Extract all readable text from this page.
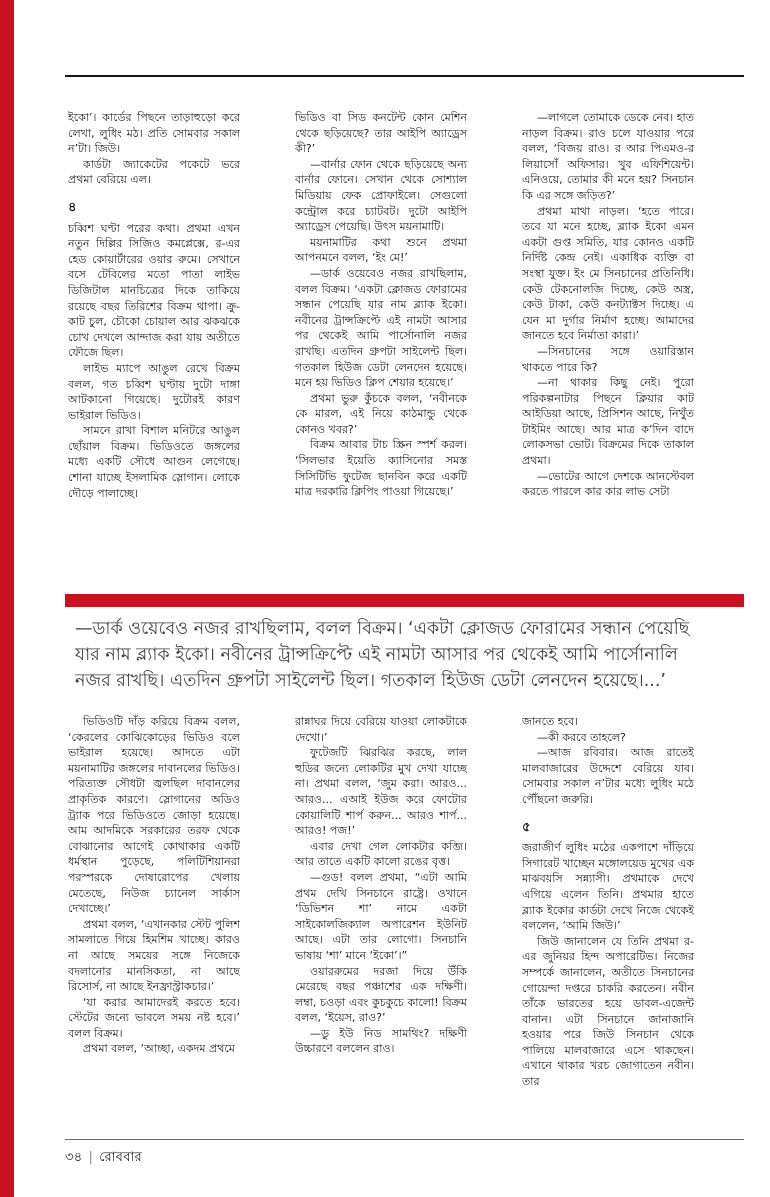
ইকো’। কার্ডের পিছনে তাড়াহুড়ো করে লেখা, লুধিং মঠ। প্রতি সোমবার সকাল ন’টা। জিউ।

কার্ডটা জ্যাকেটের পকেটে ভরে প্রথমা বেরিয়ে এল।

৪

চব্বিশ ঘণ্টা পরের কথা। প্রথমা এখন নতুন দিল্লির সিজিও কমপ্লেক্সে, র-এর হেড কোয়ার্টারের ওয়ার রুমে। সেখানে বসে টেবিলের মতো পাতা লাইভ ডিজিটাল মানচিত্রের দিকে তাকিয়ে রয়েছে বছর তিরিশের বিক্রম থাপা। ক্রু-কাট চুল, চৌকো চোয়াল আর ঝকঝকে চোখ দেখলে আন্দাজ করা যায় অতীতে ফৌজে ছিল।

লাইভ ম্যাপে আঙুল রেখে বিক্রম বলল, গত চব্বিশ ঘণ্টায় দুটো দাঙ্গা আটকানো গিয়েছে। দুটোরই কারণ ভাইরাল ভিডিও।

সামনে রাখা বিশাল মনিটরে আঙুল ছোঁয়াল বিক্রম। ভিডিওতে জঙ্গলের মধ্যে একটি সৌধে আগুন লেগেছে। শোনা যাচ্ছে ইসলামিক স্লোগান। লোকে দৌড়ে পালাচ্ছে।

ভিডিও বা সিড কনটেন্ট কোন মেশিন থেকে ছড়িয়েছে? তার আইপি অ্যাড্রেস কী?’

—বার্নার ফোন থেকে ছড়িয়েছে অন্য বার্নার ফোনে। সেখান থেকে সোশ্যাল মিডিয়ায় ফেক প্রোফাইলে। সেগুলো কন্ট্রোল করে চ্যাটবট। দুটো আইপি অ্যাড্রেস পেয়েছি। উৎস ময়নামাটি।

ময়নামাটির কথা শুনে প্রথমা আপনমনে বলল, ‘ইং মে!’

—ডার্ক ওয়েবেও নজর রাখছিলাম, বলল বিক্রম। ‘একটা ক্লোজড ফোরামের সন্ধান পেয়েছি যার নাম ব্ল্যাক ইকো। নবীনের ট্রান্সক্রিপ্টে এই নামটা আসার পর থেকেই আমি পার্সোনালি নজর রাখছি। এতদিন গ্রুপটা সাইলেন্ট ছিল। গতকাল হিউজ ডেটা লেনদেন হয়েছে। মনে হয় ভিডিও ক্লিপ শেয়ার হয়েছে।’

প্রথমা ভুরু কুঁচকে বলল, ‘নবীনকে কে মারল, এই নিয়ে কাঠমান্ডু থেকে কোনও খবর?’

বিক্রম আবার টাচ স্ক্রিন স্পর্শ করল। ‘সিলভার ইয়েতি ক্যাসিনোর সমস্ত সিসিটিভি ফুটেজ ছানবিন করে একটি মাত্র দরকারি ক্লিপিং পাওয়া গিয়েছে।’

—লাগলে তোমাকে ডেকে নেব। হাত নাড়ল বিক্রম। রাও চলে যাওয়ার পরে বলল, ‘বিজয় রাও। র আর পিএমও-র লিয়াসোঁ অফিসার। খুব এফিশিয়েন্ট। এনিওয়ে, তোমার কী মনে হয়? সিনচান কি এর সঙ্গে জড়িত?’

প্রথমা মাথা নাড়ল। ‘হতে পারে। তবে যা মনে হচ্ছে, ব্ল্যাক ইকো এমন একটা গুপ্ত সমিতি, যার কোনও একটি নির্দিষ্ট কেন্দ্র নেই। একাধিক ব্যক্তি বা সংস্থা যুক্ত। ইং মে সিনচানের প্রতিনিধি। কেউ টেকনোলজি দিচ্ছে, কেউ অস্ত্র, কেউ টাকা, কেউ কনট্যাক্টস দিচ্ছে। এ যেন মা দুর্গার নির্মাণ হচ্ছে। আমাদের জানতে হবে নির্মাতা কারা।’

—সিনচানের সঙ্গে ওয়ারিস্তান থাকতে পারে কি?

—না থাকার কিছু নেই। পুরো পরিকল্পনাটার পিছনে ক্লিয়ার কাট আইডিয়া আছে, প্রিসিশন আছে, নিখুঁত টাইমিং আছে। আর মাত্র ক’দিন বাদে লোকসভা ভোট। বিক্রমের দিকে তাকাল প্রথমা।

—ভোটের আগে দেশকে আনস্টেবল করতে পারলে কার কার লাভ সেটা

—ডার্ক ওয়েবেও নজর রাখছিলাম, বলল বিক্রম। ‘একটা ক্লোজড ফোরামের সন্ধান পেয়েছি যার নাম ব্ল্যাক ইকো। নবীনের ট্রান্সক্রিপ্টে এই নামটা আসার পর থেকেই আমি পার্সোনালি নজর রাখছি। এতদিন গ্রুপটা সাইলেন্ট ছিল। গতকাল হিউজ ডেটা লেনদেন হয়েছে।...’

ভিডিওটি দাঁড় করিয়ে বিক্রম বলল, ‘কেরলের কোঝিকোড়ের ভিডিও বলে ভাইরাল হয়েছে। আদতে এটা ময়নামাটির জঙ্গলের দাবানলের ভিডিও। পরিত্যক্ত সৌধটা জ্বলছিল দাবানলের প্রাকৃতিক কারণে। স্লোগানের অডিও ট্র্যাক পরে ভিডিওতে জোড়া হয়েছে। আম আদমিকে সরকারের তরফ থেকে বোঝানোর আগেই কোথাকার একটি ধর্মস্থান পুড়েছে, পলিটিশিয়ানরা পরস্পরকে দোষারোপের খেলায় মেতেছে, নিউজ চ্যানেল সার্কাস দেখাচ্ছে।’

প্রথমা বলল, ‘এখানকার স্টেট পুলিশ সামলাতে গিয়ে হিমশিম খাচ্ছে। কারও না আছে সময়ের সঙ্গে নিজেকে বদলানোর মানসিকতা, না আছে রিসোর্স, না আছে ইনফ্রাস্ট্রাকচার।’

‘যা করার আমাদেরই করতে হবে। স্টেটের জন্যে ভাবলে সময় নষ্ট হবে।’ বলল বিক্রম।

প্রথমা বলল, ‘আচ্ছা, একদম প্রথমে

রান্নাঘর দিয়ে বেরিয়ে যাওয়া লোকটাকে দেখো।’

ফুটেজটি ঝিরঝির করছে, লাল হুডির জন্যে লোকটির মুখ দেখা যাচ্ছে না। প্রথমা বলল, ‘জুম করা। আরও... আরও... এআই ইউজ করে ফোটোর কোয়ালিটি শার্প করুন... আরও শার্প... আরও! পজ!’

এবার দেখা গেল লোকটার কব্জি। আর তাতে একটি কালো রঙের বৃত্ত।

—গুড! বলল প্রথমা, “এটা আমি প্রথম দেখি সিনচানে রাষ্ট্রে। ওখানে ‘ডিভিশন শা’ নামে একটা সাইকোলজিক্যাল অপারেশন ইউনিট আছে। এটা তার লোগো। সিনচানি ভাষায় ‘শা’ মানে ‘ইকো’।”

ওয়াররুমের দরজা দিয়ে উঁকি মেরেছে বছর পঞ্চাশের এক দক্ষিণী। লম্বা, চওড়া এবং কুচকুচে কালো! বিক্রম বলল, ‘ইয়েস, রাও?’

—ডু ইউ নিড সামথিং? দক্ষিণী উচ্চারণে বললেন রাও।

জানতে হবে।

—কী করবে তাহলে?

—আজ রবিবার। আজ রাতেই মালবাজারের উদ্দেশে বেরিয়ে যাব। সোমবার সকাল ন’টার মধ্যে লুধিং মঠে পৌঁছনো জরুরি।

৫

জরাজীর্ণ লুধিং মঠের একপাশে দাঁড়িয়ে সিগারেট খাচ্ছেন মঙ্গোলয়েড মুখের এক মাঝবয়সি সন্ন্যাসী। প্রথমাকে দেখে এগিয়ে এলেন তিনি। প্রথমার হাতে ব্ল্যাক ইকোর কার্ডটা দেখে নিজে থেকেই বললেন, ‘আমি জিউ।’

জিউ জানালেন যে তিনি প্রথমা র-এর জুনিয়র হিন্দ অপারেটিভ। নিজের সম্পর্কে জানালেন, অতীতে সিনচানের গোয়েন্দা দপ্তরে চাকরি করতেন। নবীন তাঁকে ভারতের হয়ে ডাবল-এজেন্ট বানান। এটা সিনচানে জানাজানি হওয়ার পরে জিউ সিনচান থেকে পালিয়ে মালবাজারে এসে থাকছেন। এখানে থাকার খরচ জোগাতেন নবীন। তার

৩৪ | রোববার
